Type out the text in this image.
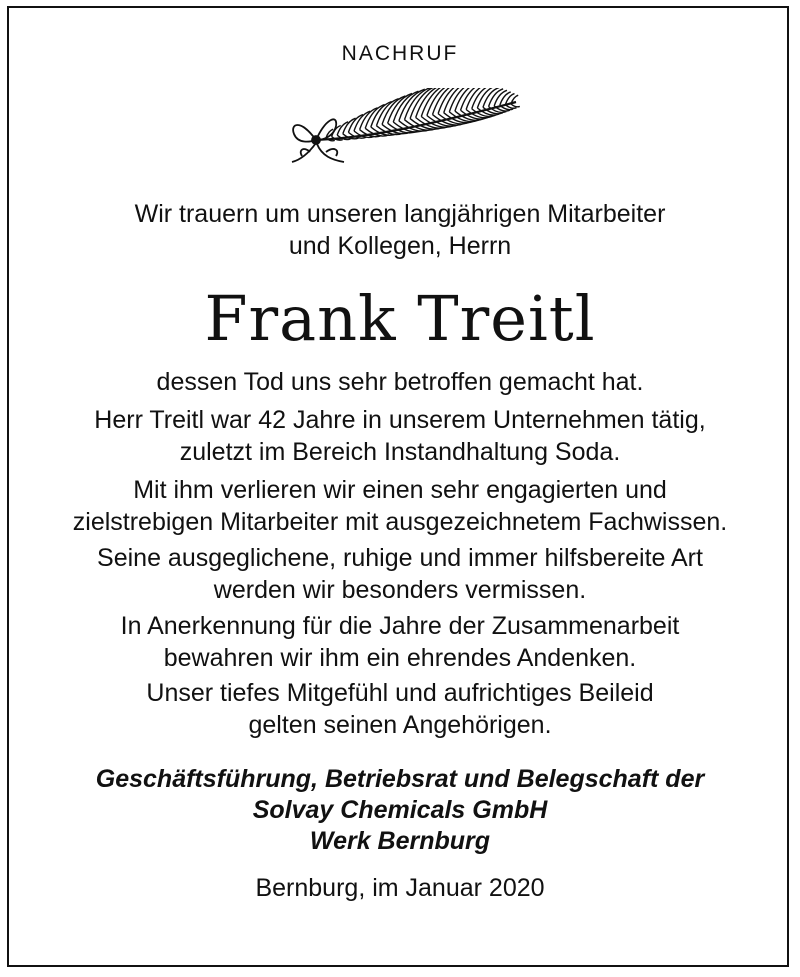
NACHRUF
Wir trauern um unseren langjährigen Mitarbeiter
und Kollegen, Herrn
Frank Treitl
dessen Tod uns sehr betroffen gemacht hat.
Herr Treitl war 42 Jahre in unserem Unternehmen tätig,
zuletzt im Bereich Instandhaltung Soda.
Mit ihm verlieren wir einen sehr engagierten und
zielstrebigen Mitarbeiter mit ausgezeichnetem Fachwissen.
Seine ausgeglichene, ruhige und immer hilfsbereite Art
werden wir besonders vermissen.
In Anerkennung für die Jahre der Zusammenarbeit
bewahren wir ihm ein ehrendes Andenken.
Unser tiefes Mitgefühl und aufrichtiges Beileid
gelten seinen Angehörigen.
Geschäftsführung, Betriebsrat und Belegschaft der
Solvay Chemicals GmbH
Werk Bernburg
Bernburg, im Januar 2020
